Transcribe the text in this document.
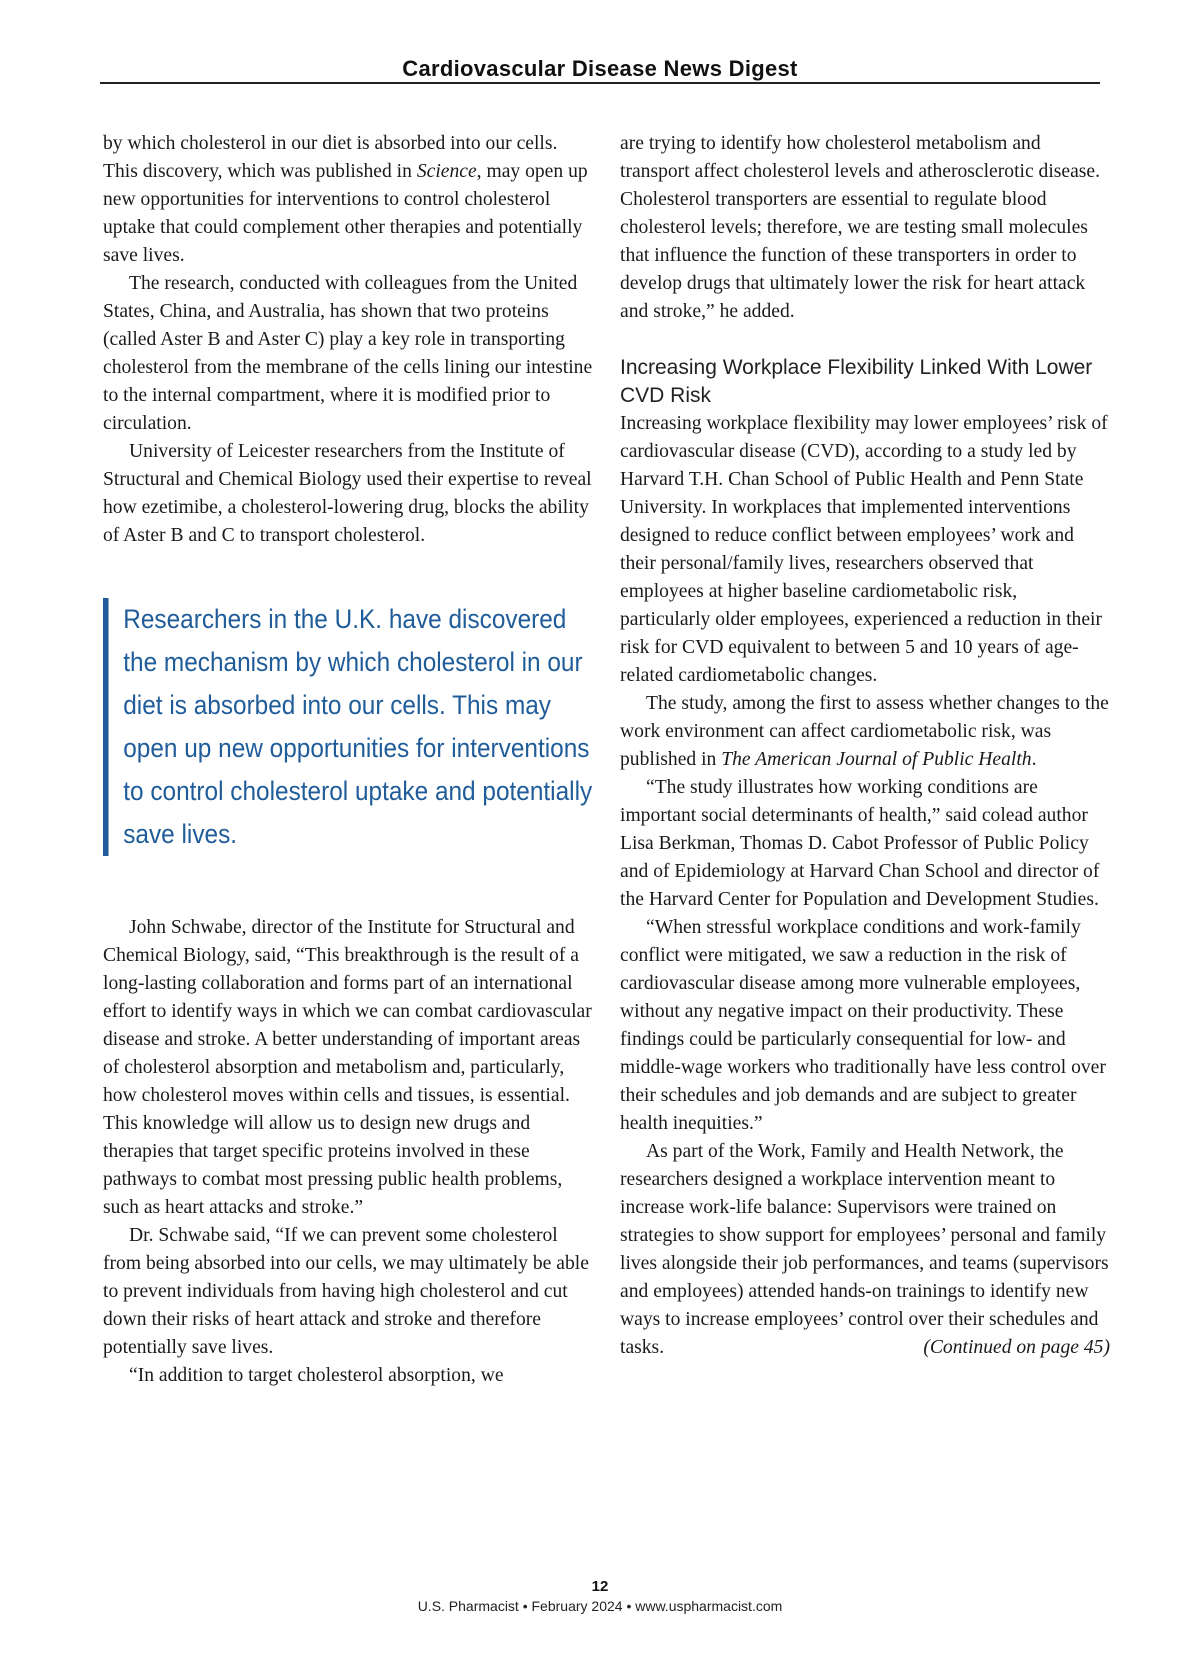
Cardiovascular Disease News Digest

by which cholesterol in our diet is absorbed into our cells. This discovery, which was published in Science, may open up new opportunities for interventions to control cholesterol uptake that could complement other therapies and potentially save lives.

The research, conducted with colleagues from the United States, China, and Australia, has shown that two proteins (called Aster B and Aster C) play a key role in transporting cholesterol from the membrane of the cells lining our intestine to the internal compartment, where it is modified prior to circulation.

University of Leicester researchers from the Institute of Structural and Chemical Biology used their expertise to reveal how ezetimibe, a cholesterol-lowering drug, blocks the ability of Aster B and C to transport cholesterol.

Researchers in the U.K. have discovered the mechanism by which cholesterol in our diet is absorbed into our cells. This may open up new opportunities for interventions to control cholesterol uptake and potentially save lives.

John Schwabe, director of the Institute for Structural and Chemical Biology, said, “This breakthrough is the result of a long-lasting collaboration and forms part of an international effort to identify ways in which we can combat cardiovascular disease and stroke. A better understanding of important areas of cholesterol absorption and metabolism and, particularly, how cholesterol moves within cells and tissues, is essential. This knowledge will allow us to design new drugs and therapies that target specific proteins involved in these pathways to combat most pressing public health problems, such as heart attacks and stroke.”

Dr. Schwabe said, “If we can prevent some cholesterol from being absorbed into our cells, we may ultimately be able to prevent individuals from having high cholesterol and cut down their risks of heart attack and stroke and therefore potentially save lives.

“In addition to target cholesterol absorption, we

are trying to identify how cholesterol metabolism and transport affect cholesterol levels and atherosclerotic disease. Cholesterol transporters are essential to regulate blood cholesterol levels; therefore, we are testing small molecules that influence the function of these transporters in order to develop drugs that ultimately lower the risk for heart attack and stroke,” he added.

Increasing Workplace Flexibility Linked With Lower CVD Risk

Increasing workplace flexibility may lower employees’ risk of cardiovascular disease (CVD), according to a study led by Harvard T.H. Chan School of Public Health and Penn State University. In workplaces that implemented interventions designed to reduce conflict between employees’ work and their personal/family lives, researchers observed that employees at higher baseline cardiometabolic risk, particularly older employees, experienced a reduction in their risk for CVD equivalent to between 5 and 10 years of age-related cardiometabolic changes.

The study, among the first to assess whether changes to the work environment can affect cardiometabolic risk, was published in The American Journal of Public Health.

“The study illustrates how working conditions are important social determinants of health,” said colead author Lisa Berkman, Thomas D. Cabot Professor of Public Policy and of Epidemiology at Harvard Chan School and director of the Harvard Center for Population and Development Studies.

“When stressful workplace conditions and work-family conflict were mitigated, we saw a reduction in the risk of cardiovascular disease among more vulnerable employees, without any negative impact on their productivity. These findings could be particularly consequential for low- and middle-wage workers who traditionally have less control over their schedules and job demands and are subject to greater health inequities.”

As part of the Work, Family and Health Network, the researchers designed a workplace intervention meant to increase work-life balance: Supervisors were trained on strategies to show support for employees’ personal and family lives alongside their job performances, and teams (supervisors and employees) attended hands-on trainings to identify new ways to increase employees’ control over their schedules and tasks.	(Continued on page 45)

12
U.S. Pharmacist • February 2024 • www.uspharmacist.com
